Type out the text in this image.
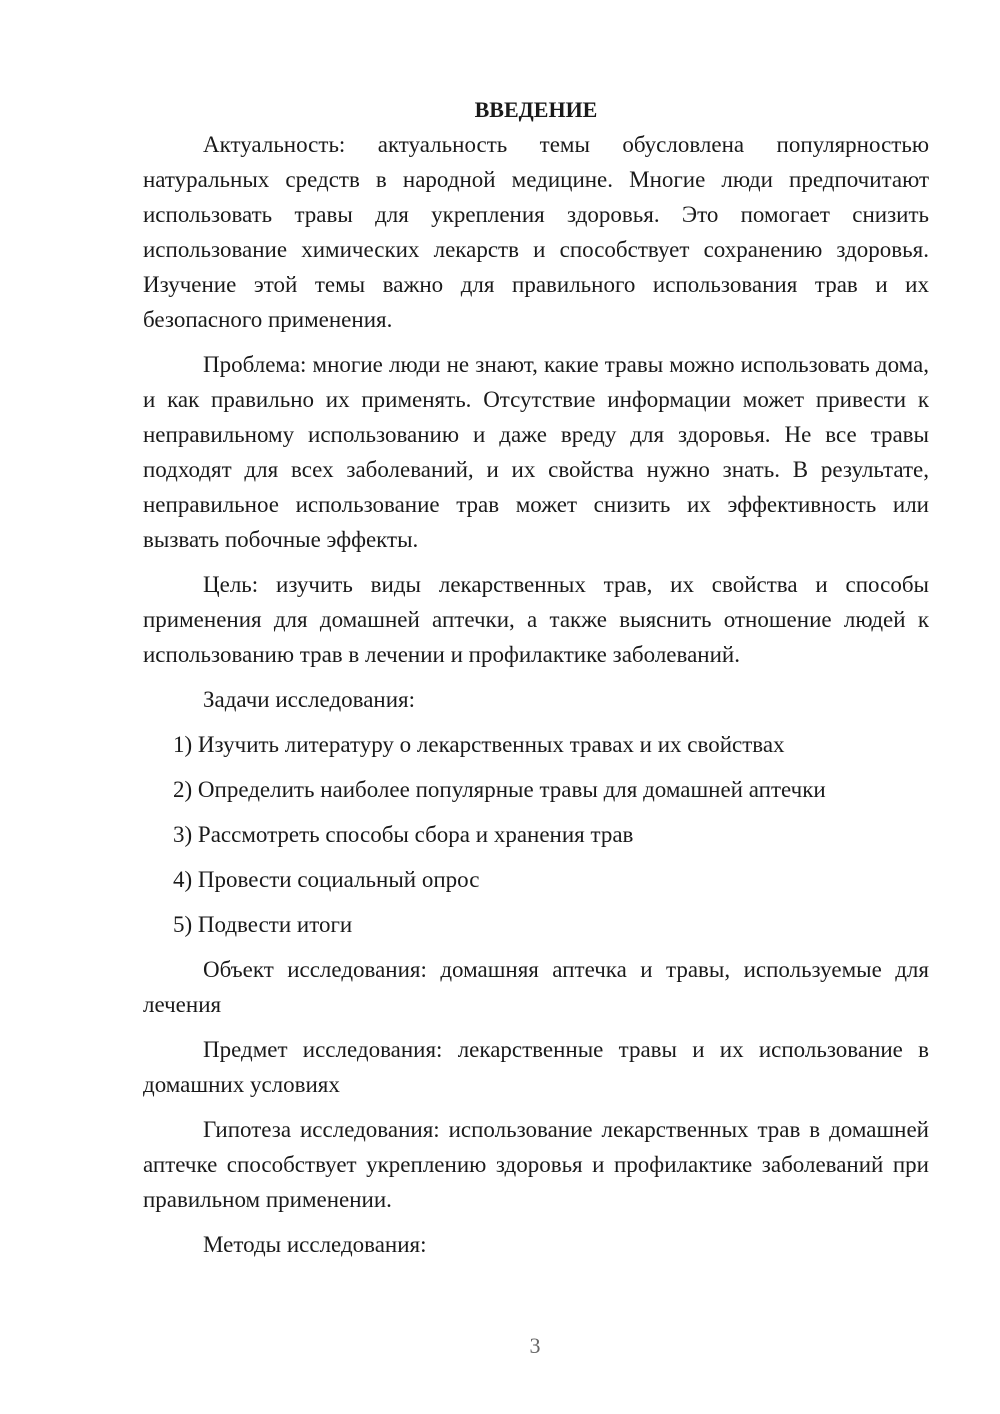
ВВЕДЕНИЕ

Актуальность: актуальность темы обусловлена популярностью натуральных средств в народной медицине. Многие люди предпочитают использовать травы для укрепления здоровья. Это помогает снизить использование химических лекарств и способствует сохранению здоровья. Изучение этой темы важно для правильного использования трав и их безопасного применения.

Проблема: многие люди не знают, какие травы можно использовать дома, и как правильно их применять. Отсутствие информации может привести к неправильному использованию и даже вреду для здоровья. Не все травы подходят для всех заболеваний, и их свойства нужно знать. В результате, неправильное использование трав может снизить их эффективность или вызвать побочные эффекты.

Цель: изучить виды лекарственных трав, их свойства и способы применения для домашней аптечки, а также выяснить отношение людей к использованию трав в лечении и профилактике заболеваний.

Задачи исследования:
1) Изучить литературу о лекарственных травах и их свойствах
2) Определить наиболее популярные травы для домашней аптечки
3) Рассмотреть способы сбора и хранения трав
4) Провести социальный опрос
5) Подвести итоги

Объект исследования: домашняя аптечка и травы, используемые для лечения

Предмет исследования: лекарственные травы и их использование в домашних условиях

Гипотеза исследования: использование лекарственных трав в домашней аптечке способствует укреплению здоровья и профилактике заболеваний при правильном применении.

Методы исследования:
3
